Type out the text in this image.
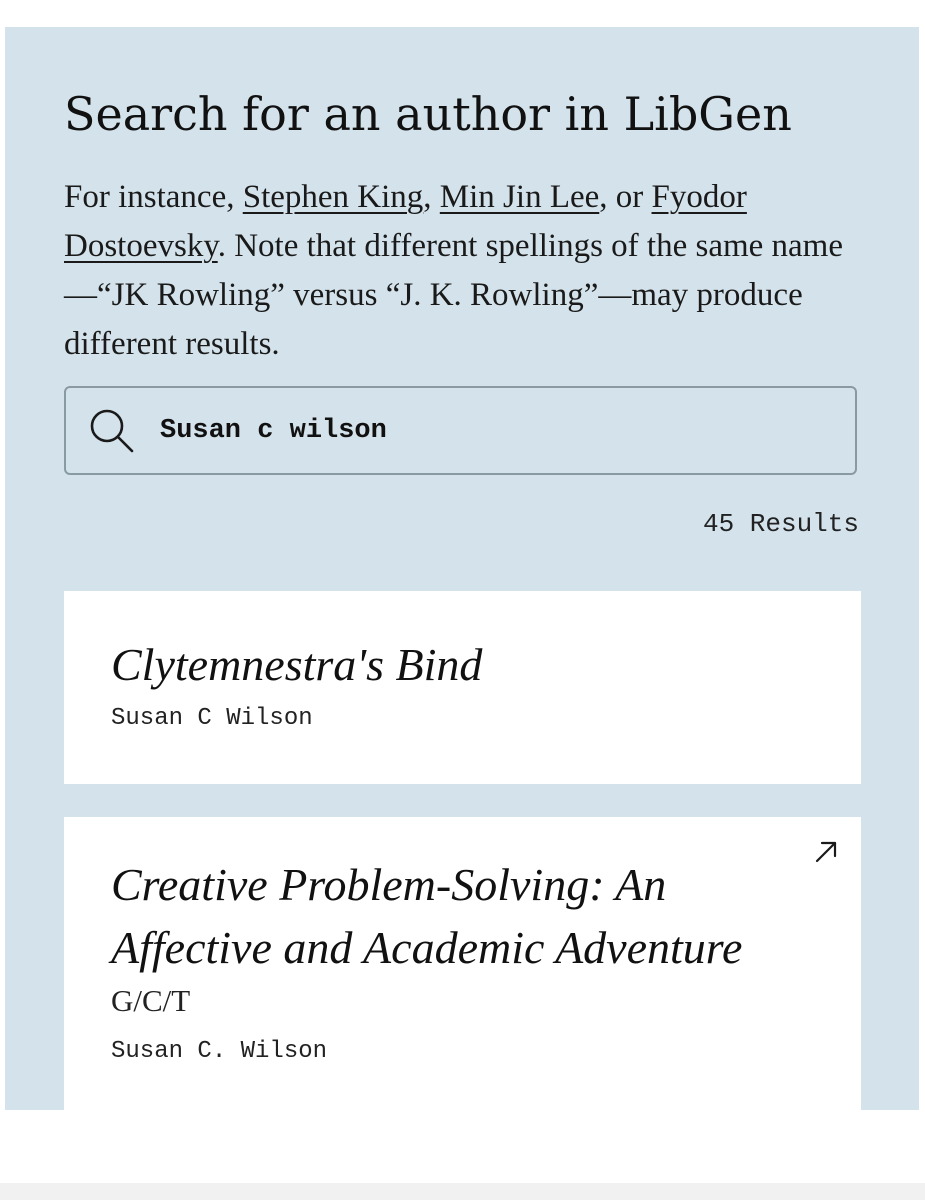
Search for an author in LibGen

For instance, Stephen King, Min Jin Lee, or Fyodor Dostoevsky. Note that different spellings of the same name—“JK Rowling” versus “J. K. Rowling”—may produce different results.

Susan c wilson
45 Results
Clytemnestra's Bind
Susan C Wilson
Creative Problem-Solving: An Affective and Academic Adventure
G/C/T
Susan C. Wilson
